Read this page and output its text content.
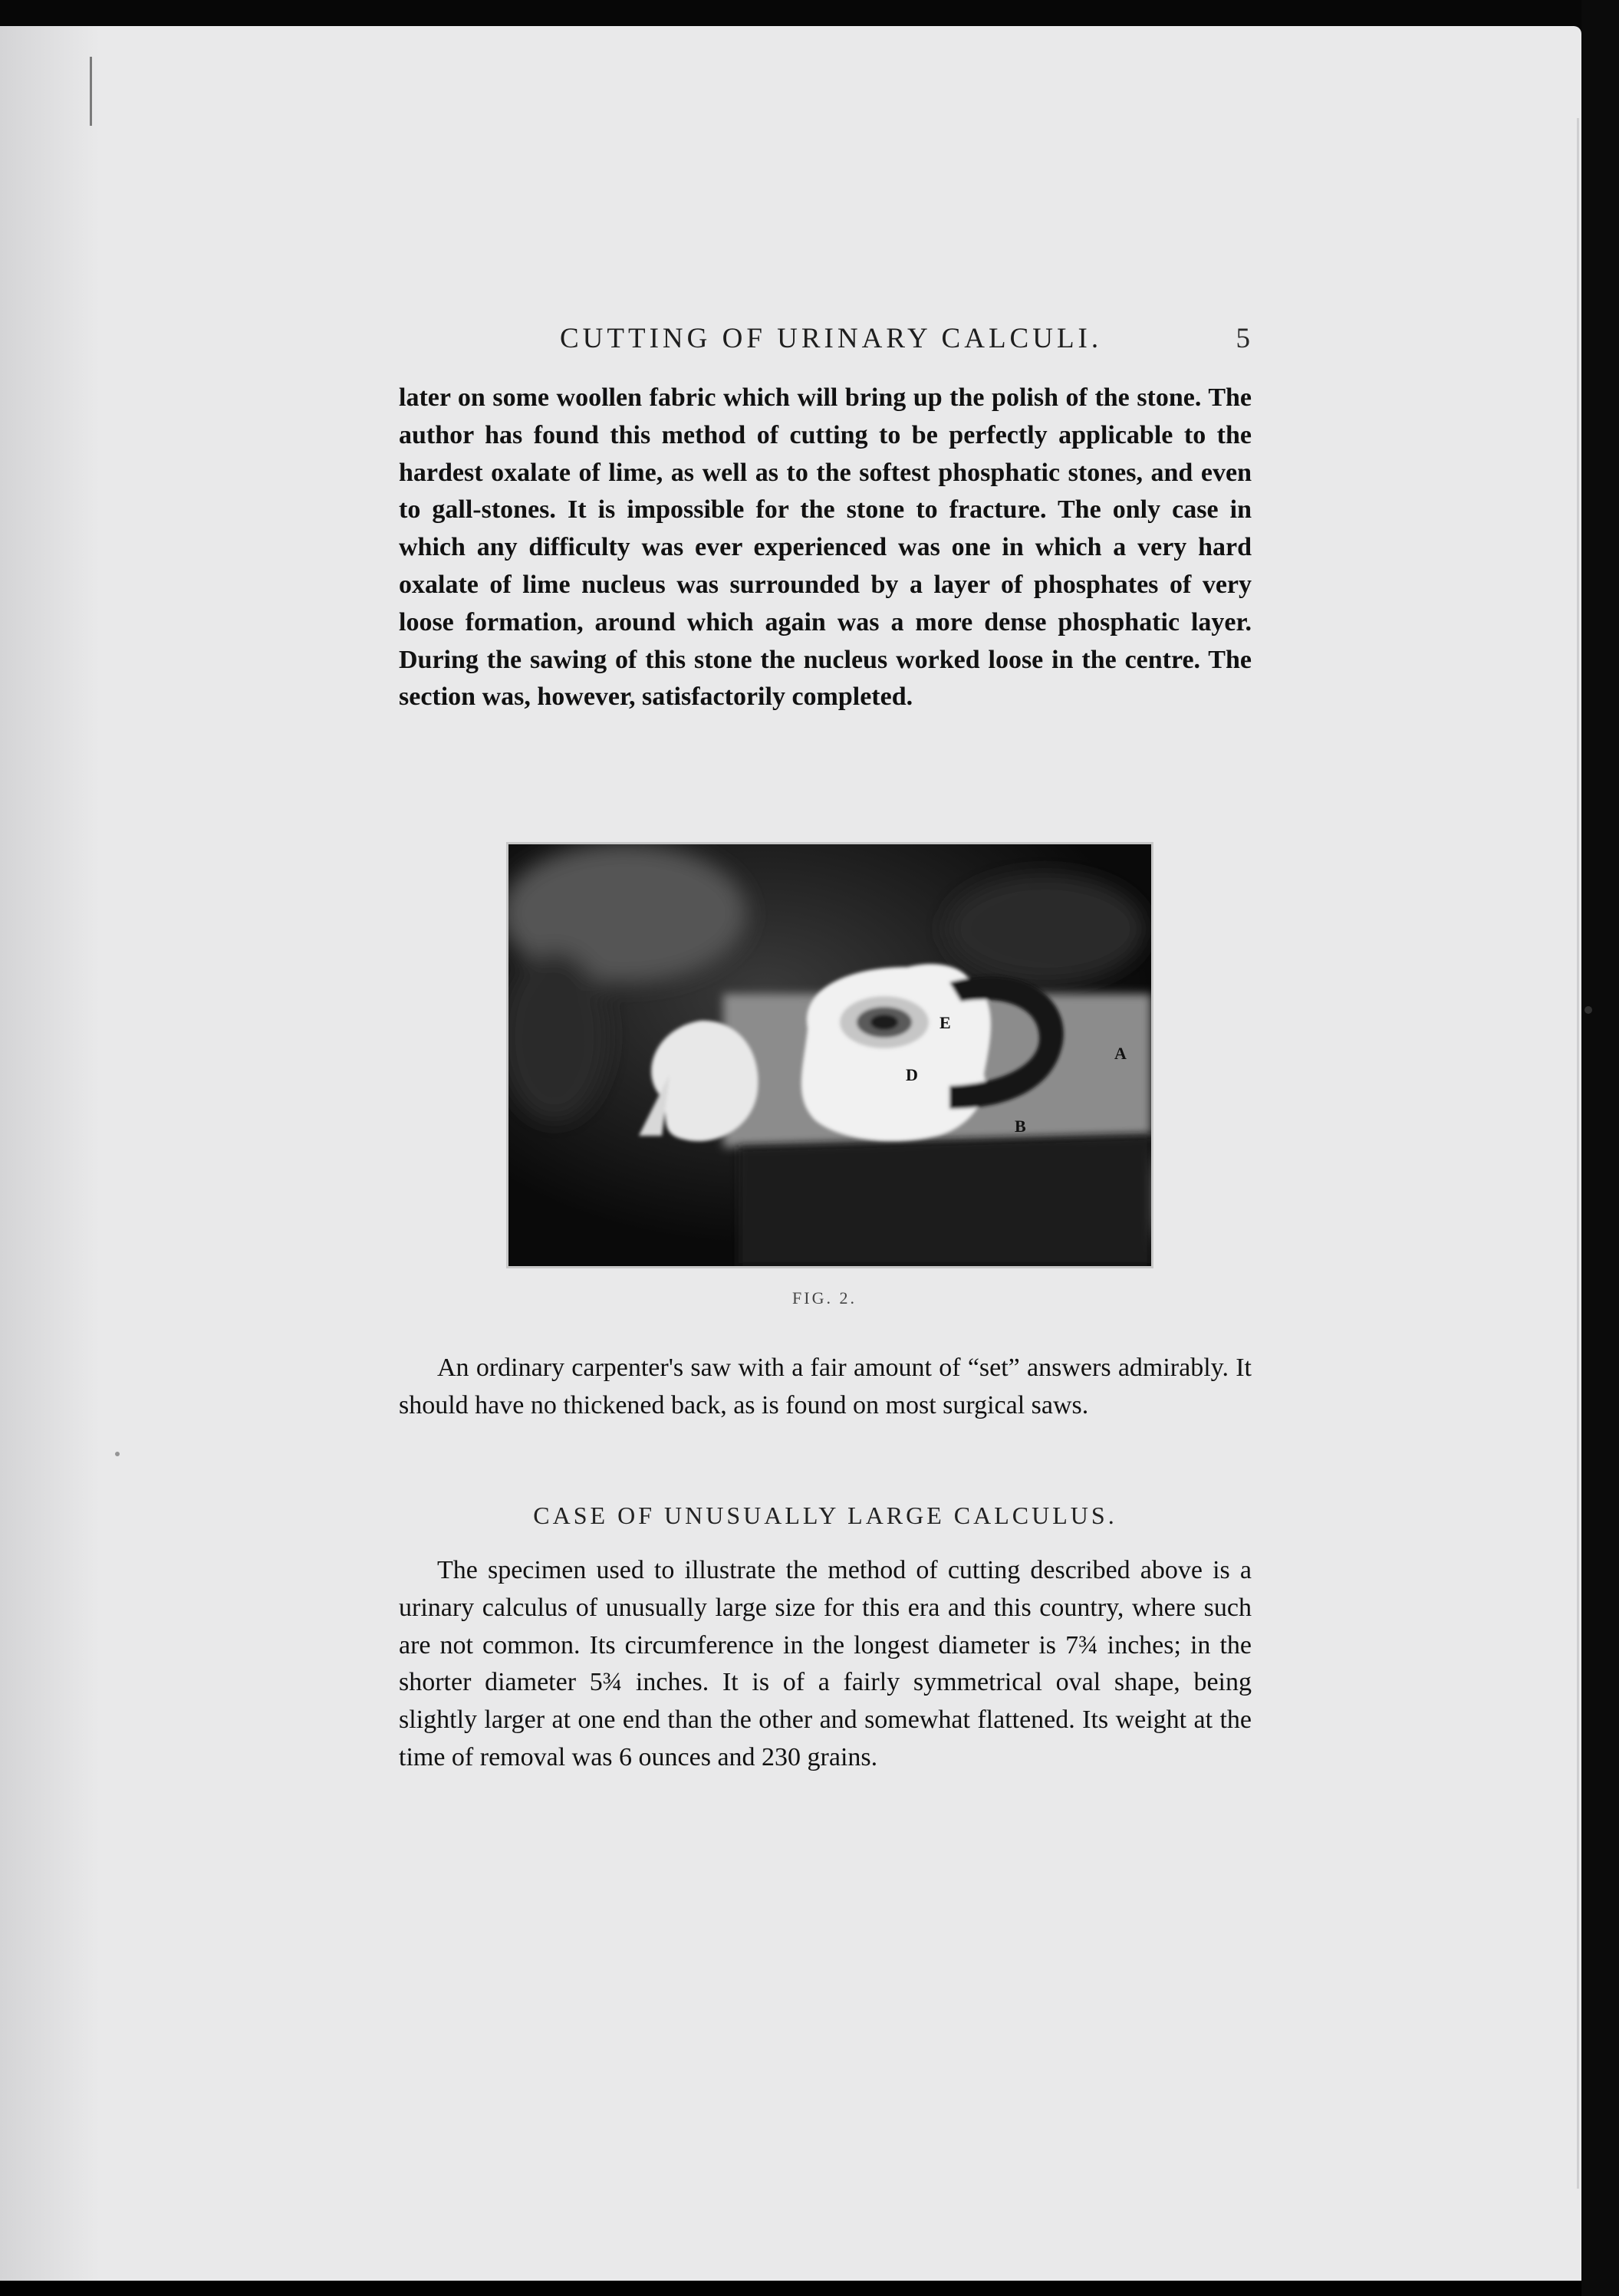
CUTTING OF URINARY CALCULI.	5

later on some woollen fabric which will bring up the polish of the stone. The author has found this method of cutting to be perfectly applicable to the hardest oxalate of lime, as well as to the softest phosphatic stones, and even to gall-stones. It is impossible for the stone to fracture. The only case in which any difficulty was ever experienced was one in which a very hard oxalate of lime nucleus was surrounded by a layer of phosphates of very loose formation, around which again was a more dense phosphatic layer. During the sawing of this stone the nucleus worked loose in the centre. The section was, however, satisfactorily completed.

E
D
A
B
FIG. 2.

An ordinary carpenter's saw with a fair amount of “set” answers admirably. It should have no thickened back, as is found on most surgical saws.

CASE OF UNUSUALLY LARGE CALCULUS.

The specimen used to illustrate the method of cutting described above is a urinary calculus of unusually large size for this era and this country, where such are not common. Its circumference in the longest diameter is 7¾ inches; in the shorter diameter 5¾ inches. It is of a fairly symmetrical oval shape, being slightly larger at one end than the other and somewhat flattened. Its weight at the time of removal was 6 ounces and 230 grains.
